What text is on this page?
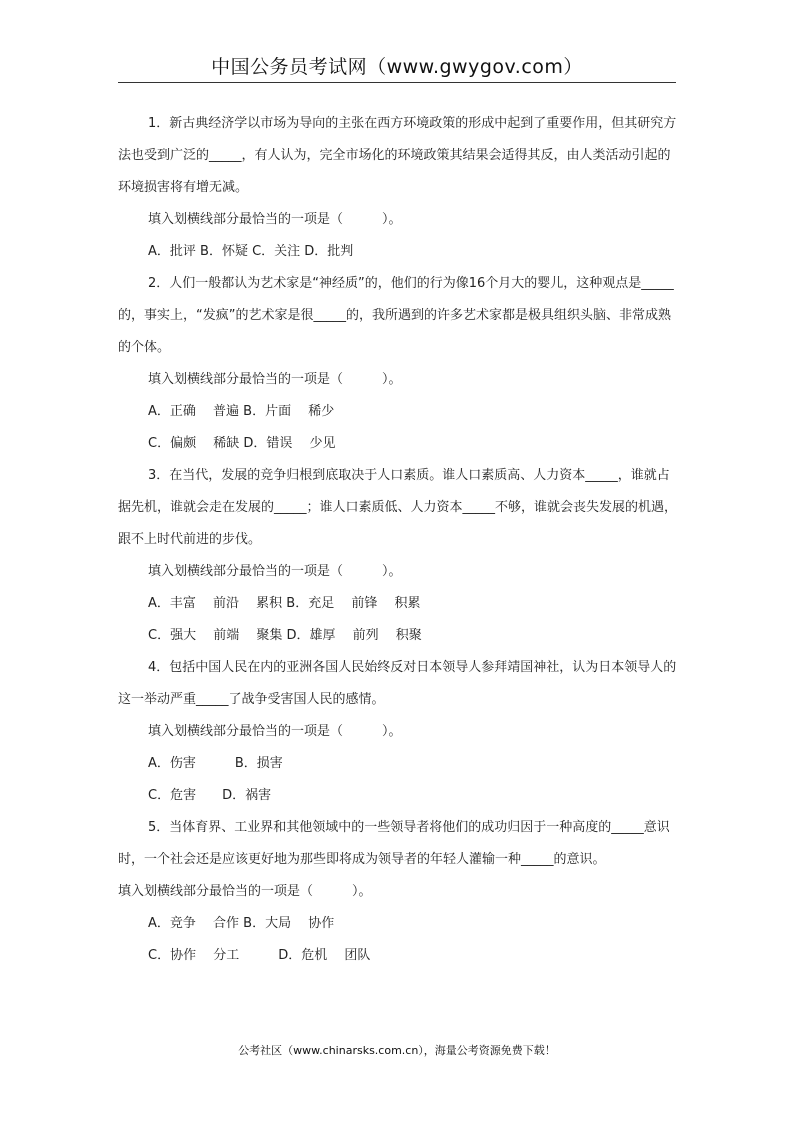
中国公务员考试网（www.gwygov.com）

1．新古典经济学以市场为导向的主张在西方环境政策的形成中起到了重要作用，但其研究方法也受到广泛的_____，有人认为，完全市场化的环境政策其结果会适得其反，由人类活动引起的环境损害将有增无减。

填入划横线部分最恰当的一项是（　　　）。

A．批评 B．怀疑 C．关注 D．批判

2．人们一般都认为艺术家是“神经质”的，他们的行为像16个月大的婴儿，这种观点是_____的，事实上，“发疯”的艺术家是很_____的，我所遇到的许多艺术家都是极具组织头脑、非常成熟的个体。

填入划横线部分最恰当的一项是（　　　）。

A．正确　 普遍 B．片面　 稀少

C．偏颇　 稀缺 D．错误　 少见

3．在当代，发展的竞争归根到底取决于人口素质。谁人口素质高、人力资本_____，谁就占据先机，谁就会走在发展的_____；谁人口素质低、人力资本_____不够，谁就会丧失发展的机遇，跟不上时代前进的步伐。

填入划横线部分最恰当的一项是（　　　）。

A．丰富　 前沿　 累积 B．充足　 前锋　 积累

C．强大　 前端　 聚集 D．雄厚　 前列　 积聚

4．包括中国人民在内的亚洲各国人民始终反对日本领导人参拜靖国神社，认为日本领导人的这一举动严重_____了战争受害国人民的感情。

填入划横线部分最恰当的一项是（　　　）。

A．伤害　　　B．损害

C．危害　　D．祸害

5．当体育界、工业界和其他领域中的一些领导者将他们的成功归因于一种高度的_____意识时，一个社会还是应该更好地为那些即将成为领导者的年轻人灌输一种_____的意识。

填入划横线部分最恰当的一项是（　　　）。

A．竞争　 合作 B．大局　 协作

C．协作　 分工　　　D．危机　 团队

公考社区（www.chinarsks.com.cn），海量公考资源免费下载！
